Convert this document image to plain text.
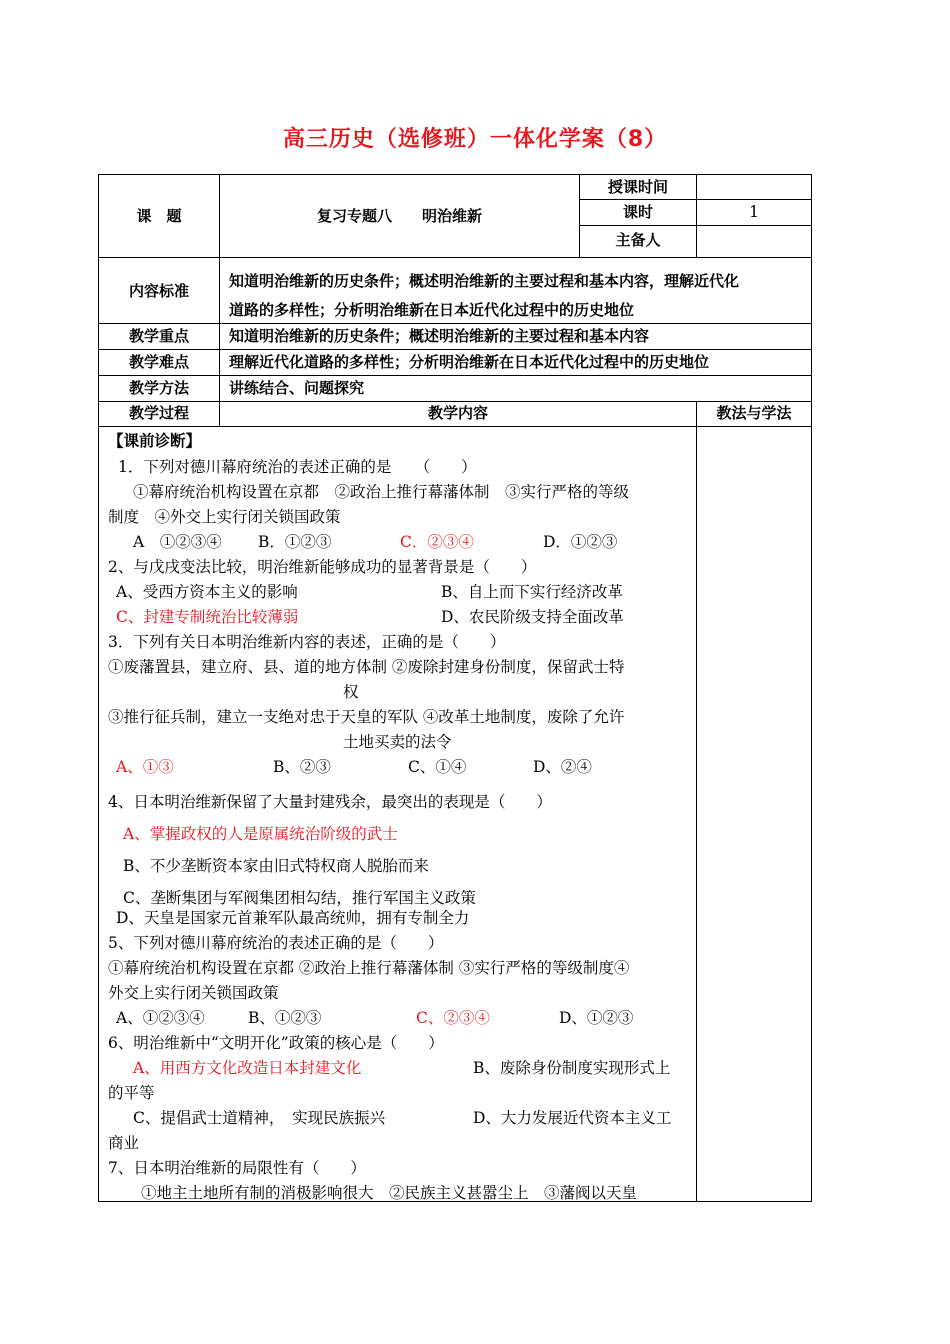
高三历史（选修班）一体化学案（8）
课　题	复习专题八　　明治维新
授课时间
课时	1
主备人
内容标准
知道明治维新的历史条件；概述明治维新的主要过程和基本内容，理解近代化
道路的多样性；分析明治维新在日本近代化过程中的历史地位
教学重点	知道明治维新的历史条件；概述明治维新的主要过程和基本内容
教学难点	理解近代化道路的多样性；分析明治维新在日本近代化过程中的历史地位
教学方法	讲练结合、问题探究
教学过程	教学内容	教法与学法
【课前诊断】
1．下列对德川幕府统治的表述正确的是　　（　　）
①幕府统治机构设置在京都　②政治上推行幕藩体制　③实行严格的等级
制度　④外交上实行闭关锁国政策
A　①②③④ B．①②③	C．②③④	D．①②③
2、与戊戌变法比较，明治维新能够成功的显著背景是（　　）
A、受西方资本主义的影响	B、自上而下实行经济改革
C、封建专制统治比较薄弱	D、农民阶级支持全面改革
3．下列有关日本明治维新内容的表述，正确的是（　　）
①废藩置县，建立府、县、道的地方体制 ②废除封建身份制度，保留武士特
权
③推行征兵制，建立一支绝对忠于天皇的军队 ④改革土地制度，废除了允许
土地买卖的法令
A、①③	B、②③	C、①④	D、②④
4、日本明治维新保留了大量封建残余，最突出的表现是（　　）
A、掌握政权的人是原属统治阶级的武士
B、不少垄断资本家由旧式特权商人脱胎而来
C、垄断集团与军阀集团相勾结，推行军国主义政策
D、天皇是国家元首兼军队最高统帅，拥有专制全力
5、下列对德川幕府统治的表述正确的是（　　）
①幕府统治机构设置在京都 ②政治上推行幕藩体制 ③实行严格的等级制度④
外交上实行闭关锁国政策
A、①②③④	B、①②③	C、②③④	D、①②③
6、明治维新中“文明开化”政策的核心是（　　）
A、用西方文化改造日本封建文化	B、废除身份制度实现形式上
的平等
C、提倡武士道精神，　实现民族振兴	D、大力发展近代资本主义工
商业
7、日本明治维新的局限性有（　　）
①地主土地所有制的消极影响很大　②民族主义甚嚣尘上　③藩阀以天皇
